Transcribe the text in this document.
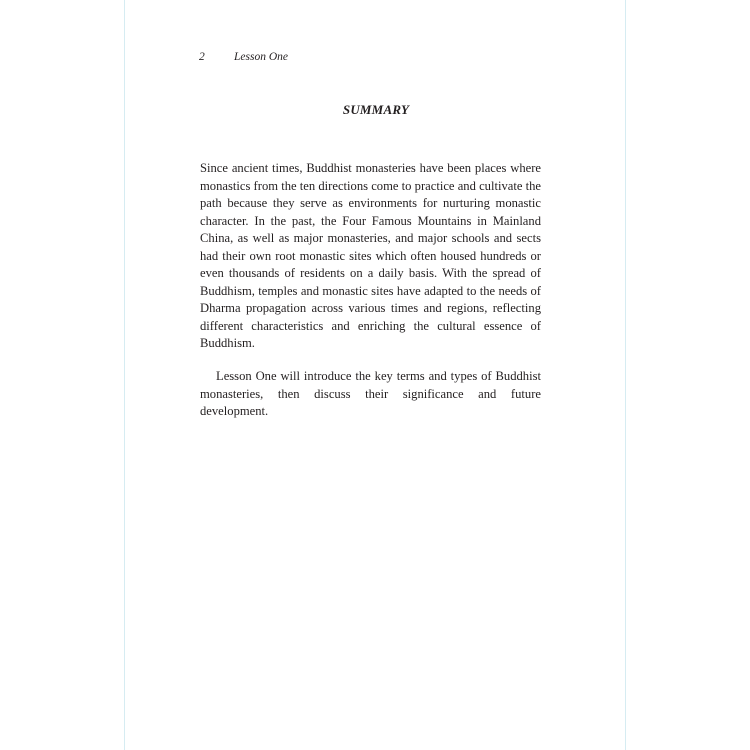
2	Lesson One
SUMMARY

Since ancient times, Buddhist monasteries have been places where monastics from the ten directions come to practice and cultivate the path because they serve as environments for nurturing monastic character. In the past, the Four Famous Mountains in Mainland China, as well as major monasteries, and major schools and sects had their own root monastic sites which often housed hundreds or even thousands of residents on a daily basis. With the spread of Buddhism, temples and monastic sites have adapted to the needs of Dharma propagation across various times and regions, reflecting different characteristics and enriching the cultural essence of Buddhism.

Lesson One will introduce the key terms and types of Buddhist monasteries, then discuss their significance and future development.
